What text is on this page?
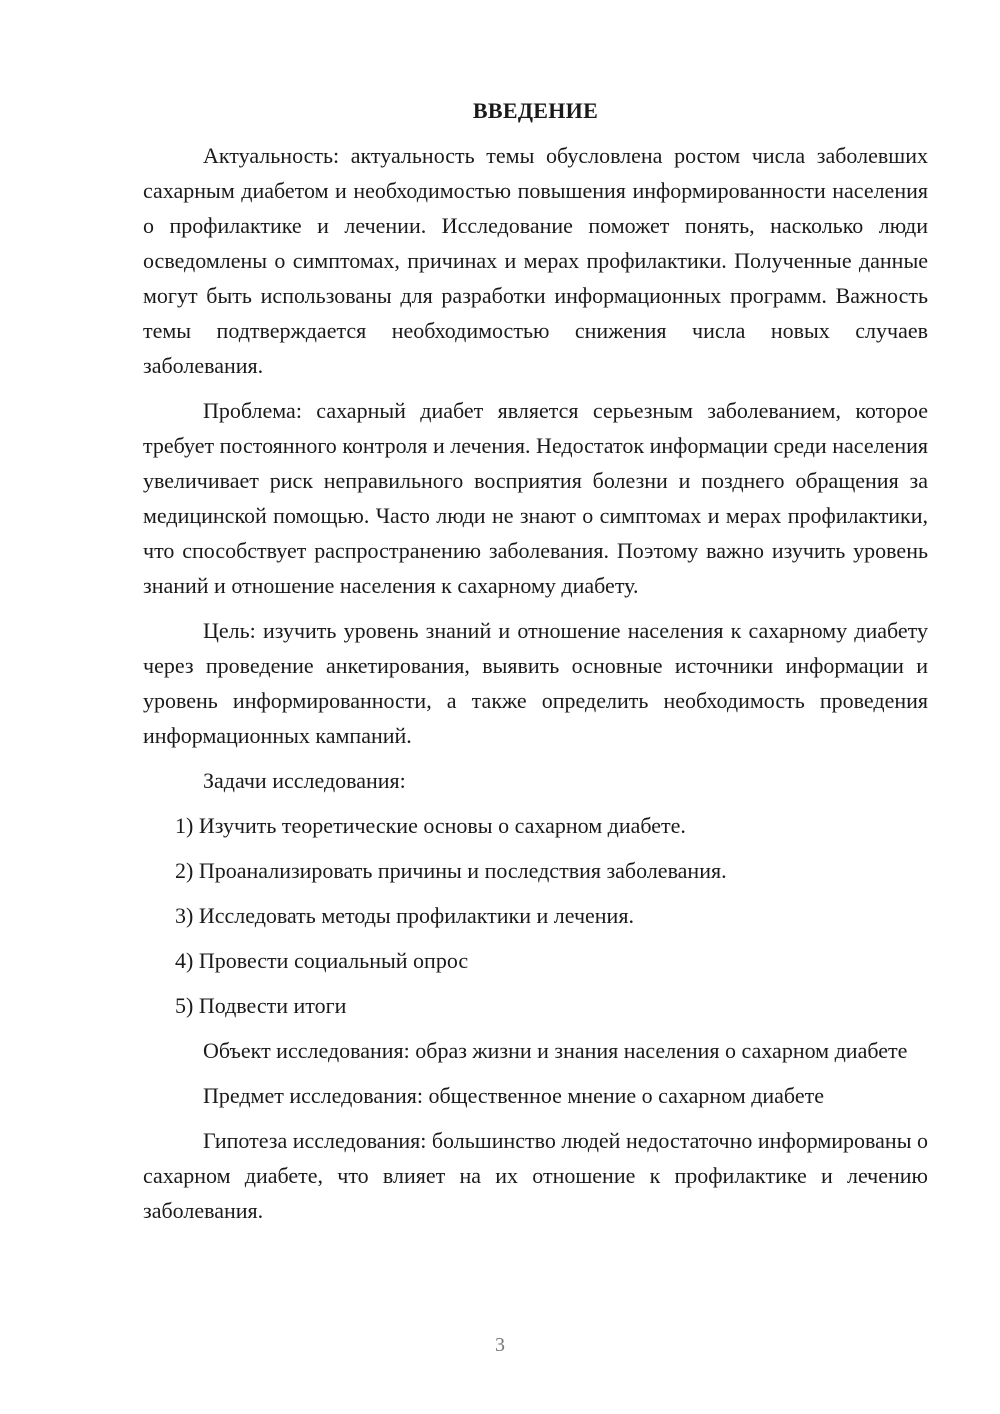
ВВЕДЕНИЕ

Актуальность: актуальность темы обусловлена ростом числа заболевших сахарным диабетом и необходимостью повышения информированности населения о профилактике и лечении. Исследование поможет понять, насколько люди осведомлены о симптомах, причинах и мерах профилактики. Полученные данные могут быть использованы для разработки информационных программ. Важность темы подтверждается необходимостью снижения числа новых случаев заболевания.

Проблема: сахарный диабет является серьезным заболеванием, которое требует постоянного контроля и лечения. Недостаток информации среди населения увеличивает риск неправильного восприятия болезни и позднего обращения за медицинской помощью. Часто люди не знают о симптомах и мерах профилактики, что способствует распространению заболевания. Поэтому важно изучить уровень знаний и отношение населения к сахарному диабету.

Цель: изучить уровень знаний и отношение населения к сахарному диабету через проведение анкетирования, выявить основные источники информации и уровень информированности, а также определить необходимость проведения информационных кампаний.

Задачи исследования:

1) Изучить теоретические основы о сахарном диабете.

2) Проанализировать причины и последствия заболевания.

3) Исследовать методы профилактики и лечения.

4) Провести социальный опрос

5) Подвести итоги

Объект исследования: образ жизни и знания населения о сахарном диабете

Предмет исследования: общественное мнение о сахарном диабете

Гипотеза исследования: большинство людей недостаточно информированы о сахарном диабете, что влияет на их отношение к профилактике и лечению заболевания.

3
